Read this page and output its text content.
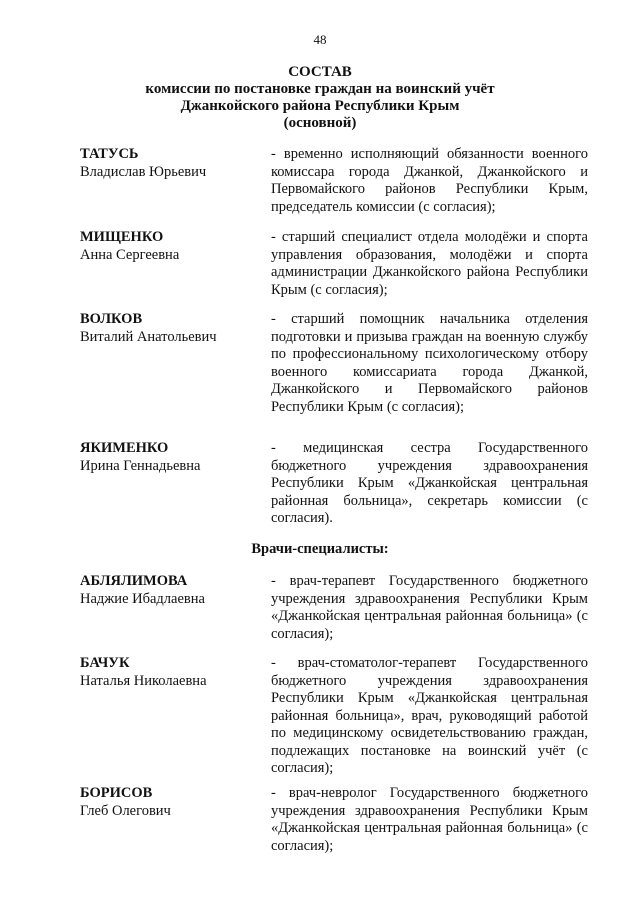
48
СОСТАВ
комиссии по постановке граждан на воинский учёт
Джанкойского района Республики Крым
(основной)
ТАТУСЬ
Владислав Юрьевич
- временно исполняющий обязанности военного комиссара города Джанкой, Джанкойского и Первомайского районов Республики Крым, председатель комиссии (с согласия);
МИЩЕНКО
Анна Сергеевна
- старший специалист отдела молодёжи и спорта управления образования, молодёжи и спорта администрации Джанкойского района Республики Крым (с согласия);
ВОЛКОВ
Виталий Анатольевич
- старший помощник начальника отделения подготовки и призыва граждан на военную службу по профессиональному психологическому отбору военного комиссариата города Джанкой, Джанкойского и Первомайского районов Республики Крым (с согласия);
ЯКИМЕНКО
Ирина Геннадьевна
- медицинская сестра Государственного бюджетного учреждения здравоохранения Республики Крым «Джанкойская центральная районная больница», секретарь комиссии (с согласия).
Врачи-специалисты:
АБЛЯЛИМОВА
Наджие Ибадлаевна
- врач-терапевт Государственного бюджетного учреждения здравоохранения Республики Крым «Джанкойская центральная районная больница» (с согласия);
БАЧУК
Наталья Николаевна
- врач-стоматолог-терапевт Государственного бюджетного учреждения здравоохранения Республики Крым «Джанкойская центральная районная больница», врач, руководящий работой по медицинскому освидетельствованию граждан, подлежащих постановке на воинский учёт (с согласия);
БОРИСОВ
Глеб Олегович
- врач-невролог Государственного бюджетного учреждения здравоохранения Республики Крым «Джанкойская центральная районная больница» (с согласия);
